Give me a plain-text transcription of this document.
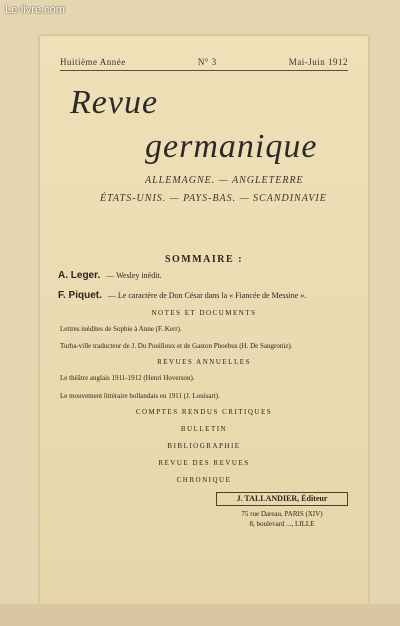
Le-livre.com
Huitième Année	N° 3	Mai-Juin 1912
Revue
germanique
ALLEMAGNE. — ANGLETERRE
ÉTATS-UNIS. — PAYS-BAS. — SCANDINAVIE
SOMMAIRE :
A. Leger. — Wesley inédit.
F. Piquet. — Le caractère de Don César dans la « Fiancée de Messine ».
NOTES ET DOCUMENTS
Lettres inédites de Sophie à Anne (F. Kerr).
Turba-ville traducteur de J. Du Pouilloux et de Gaston Phoebus (H. De Sangroniz).
REVUES ANNUELLES
Le théâtre anglais 1911-1912 (Henri Hoverson).
Le mouvement littéraire hollandais en 1911 (J. Louisart).
COMPTES RENDUS CRITIQUES
BULLETIN
BIBLIOGRAPHIE
REVUE DES REVUES
CHRONIQUE
J. TALLANDIER, Éditeur
75 rue Dareau, PARIS (XIV)
8, boulevard ..., LILLE
